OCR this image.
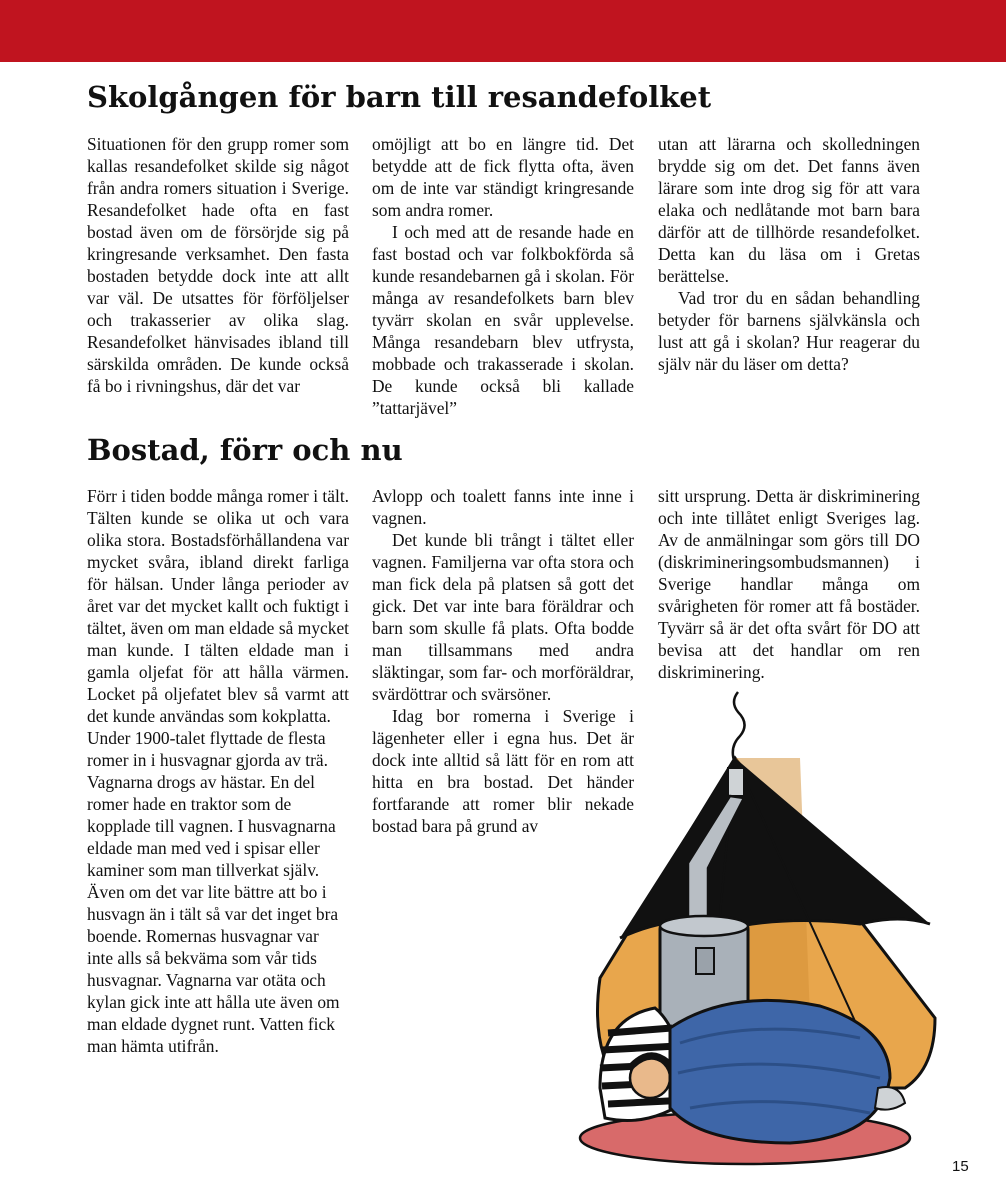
Skolgången för barn till resandefolket

Situationen för den grupp romer som kallas resandefolket skilde sig något från andra romers situation i Sverige. Resandefolket hade ofta en fast bostad även om de försörjde sig på kringresande verksamhet. Den fasta bostaden betydde dock inte att allt var väl. De utsattes för förföljelser och trakasserier av olika slag. Resandefolket hänvisades ibland till särskilda områden. De kunde också få bo i rivningshus, där det var

omöjligt att bo en längre tid. Det betydde att de fick flytta ofta, även om de inte var ständigt kringresande som andra romer.

I och med att de resande hade en fast bostad och var folkbokförda så kunde resandebarnen gå i skolan. För många av resandefolkets barn blev tyvärr skolan en svår upplevelse. Många resandebarn blev utfrysta, mobbade och trakasserade i skolan. De kunde också bli kallade ”tattarjävel”

utan att lärarna och skolledningen brydde sig om det. Det fanns även lärare som inte drog sig för att vara elaka och nedlåtande mot barn bara därför att de tillhörde resandefolket. Detta kan du läsa om i Gretas berättelse.

Vad tror du en sådan behandling betyder för barnens självkänsla och lust att gå i skolan? Hur reagerar du själv när du läser om detta?

Bostad, förr och nu

Förr i tiden bodde många romer i tält. Tälten kunde se olika ut och vara olika stora. Bostadsförhållandena var mycket svåra, ibland direkt farliga för hälsan. Under långa perioder av året var det mycket kallt och fuktigt i tältet, även om man eldade så mycket man kunde. I tälten eldade man i gamla oljefat för att hålla värmen. Locket på oljefatet blev så varmt att det kunde användas som kokplatta.

Under 1900-talet flyttade de flesta romer in i husvagnar gjorda av trä. Vagnarna drogs av hästar. En del romer hade en traktor som de kopplade till vagnen. I husvagnarna eldade man med ved i spisar eller kaminer som man tillverkat själv. Även om det var lite bättre att bo i husvagn än i tält så var det inget bra boende. Romernas husvagnar var inte alls så bekväma som vår tids husvagnar. Vagnarna var otäta och kylan gick inte att hålla ute även om man eldade dygnet runt. Vatten fick man hämta utifrån.

Avlopp och toalett fanns inte inne i vagnen.

Det kunde bli trångt i tältet eller vagnen. Familjerna var ofta stora och man fick dela på platsen så gott det gick. Det var inte bara föräldrar och barn som skulle få plats. Ofta bodde man tillsammans med andra släktingar, som far- och morföräldrar, svärdöttrar och svärsöner.

Idag bor romerna i Sverige i lägenheter eller i egna hus. Det är dock inte alltid så lätt för en rom att hitta en bra bostad. Det händer fortfarande att romer blir nekade bostad bara på grund av

sitt ursprung. Detta är diskriminering och inte tillåtet enligt Sveriges lag. Av de anmälningar som görs till DO (diskrimineringsombudsmannen) i Sverige handlar många om svårigheten för romer att få bostäder. Tyvärr så är det ofta svårt för DO att bevisa att det handlar om ren diskriminering.

15
